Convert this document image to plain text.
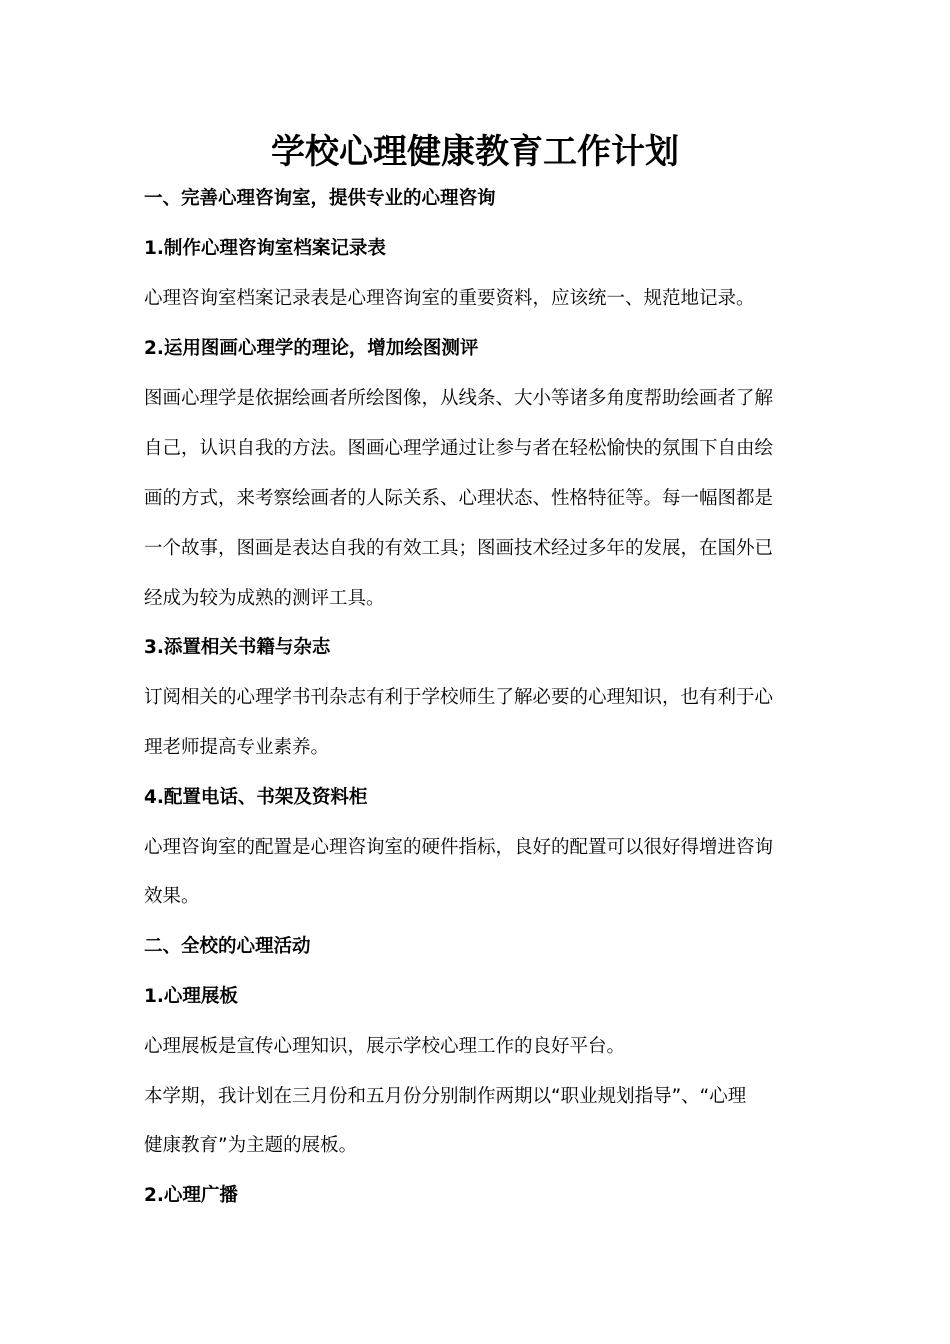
学校心理健康教育工作计划
一、完善心理咨询室，提供专业的心理咨询
1.制作心理咨询室档案记录表
心理咨询室档案记录表是心理咨询室的重要资料，应该统一、规范地记录。
2.运用图画心理学的理论，增加绘图测评
图画心理学是依据绘画者所绘图像，从线条、大小等诸多角度帮助绘画者了解
自己，认识自我的方法。图画心理学通过让参与者在轻松愉快的氛围下自由绘
画的方式，来考察绘画者的人际关系、心理状态、性格特征等。每一幅图都是
一个故事，图画是表达自我的有效工具；图画技术经过多年的发展，在国外已
经成为较为成熟的测评工具。
3.添置相关书籍与杂志
订阅相关的心理学书刊杂志有利于学校师生了解必要的心理知识，也有利于心
理老师提高专业素养。
4.配置电话、书架及资料柜
心理咨询室的配置是心理咨询室的硬件指标，良好的配置可以很好得增进咨询
效果。
二、全校的心理活动
1.心理展板
心理展板是宣传心理知识，展示学校心理工作的良好平台。
本学期，我计划在三月份和五月份分别制作两期以“职业规划指导”、“心理
健康教育”为主题的展板。
2.心理广播
